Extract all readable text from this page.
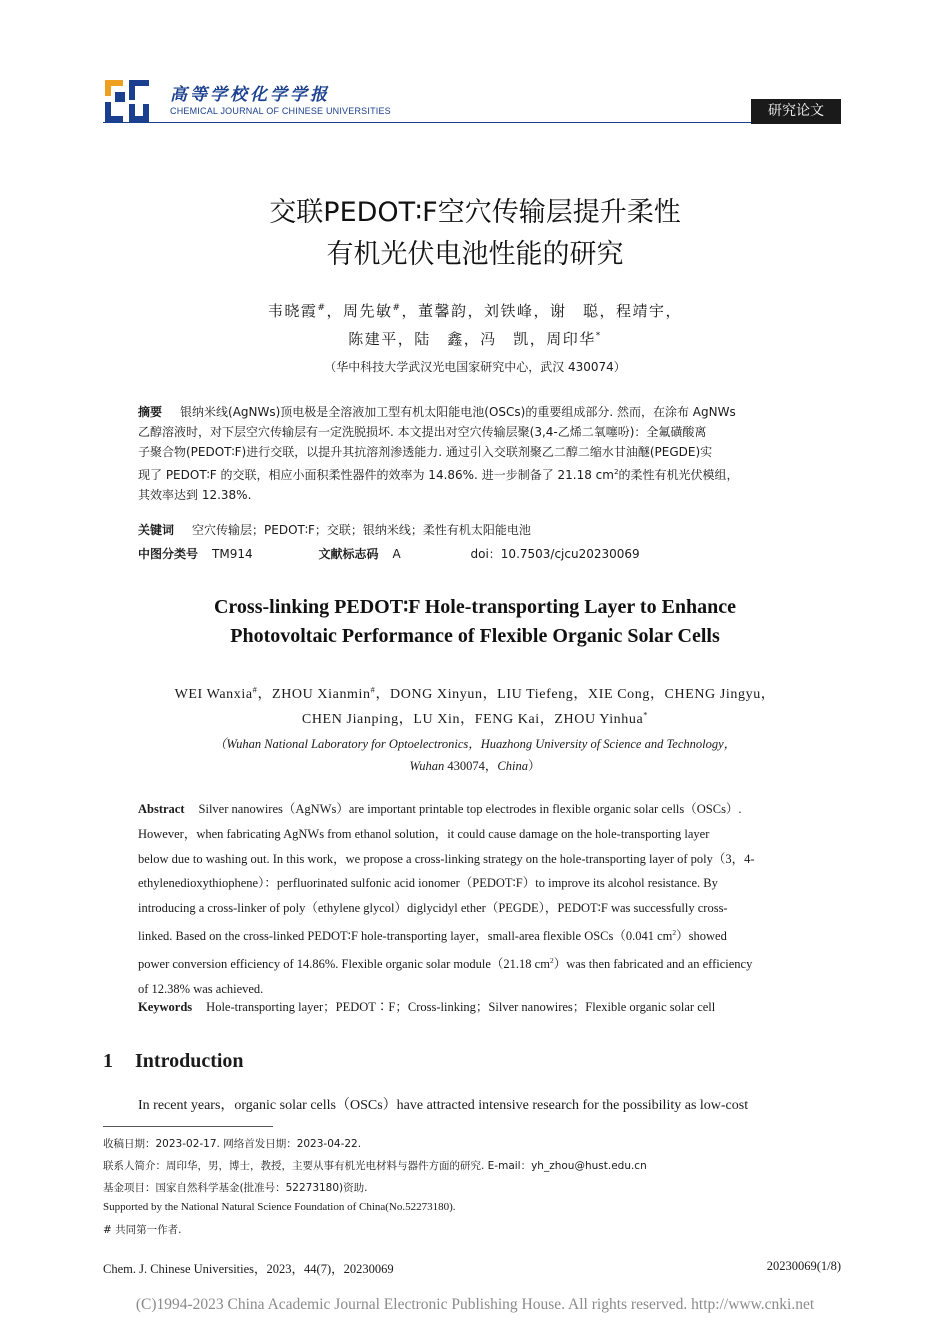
高等学校化学学报
CHEMICAL JOURNAL OF CHINESE UNIVERSITIES	研究论文
交联PEDOT∶F空穴传输层提升柔性
有机光伏电池性能的研究
韦晓霞#，周先敏#，董馨韵，刘铁峰，谢　聪，程靖宇，
陈建平，陆　鑫，冯　凯，周印华*
（华中科技大学武汉光电国家研究中心，武汉 430074）
摘要 银纳米线(AgNWs)顶电极是全溶液加工型有机太阳能电池(OSCs)的重要组成部分. 然而，在涂布 AgNWs
乙醇溶液时，对下层空穴传输层有一定洗脱损坏. 本文提出对空穴传输层聚(3,4-乙烯二氧噻吩)：全氟磺酸离
子聚合物(PEDOT∶F)进行交联，以提升其抗溶剂渗透能力. 通过引入交联剂聚乙二醇二缩水甘油醚(PEGDE)实
现了 PEDOT∶F 的交联，相应小面积柔性器件的效率为 14.86%. 进一步制备了 21.18 $cm^2$的柔性有机光伏模组，
其效率达到 12.38%.
关键词 空穴传输层；PEDOT∶F；交联；银纳米线；柔性有机太阳能电池
中图分类号 TM914	文献标志码 A	doi：10.7503/cjcu20230069
Cross-linking PEDOT∶F Hole-transporting Layer to Enhance
Photovoltaic Performance of Flexible Organic Solar Cells
WEI Wanxia#，ZHOU Xianmin#，DONG Xinyun，LIU Tiefeng，XIE Cong，CHENG Jingyu，
CHEN Jianping，LU Xin，FENG Kai，ZHOU Yinhua*
（Wuhan National Laboratory for Optoelectronics，Huazhong University of Science and Technology，
Wuhan 430074，China）
Abstract Silver nanowires（AgNWs）are important printable top electrodes in flexible organic solar cells（OSCs）.
However，when fabricating AgNWs from ethanol solution，it could cause damage on the hole-transporting layer
below due to washing out. In this work，we propose a cross-linking strategy on the hole-transporting layer of poly（3，4-
ethylenedioxythiophene）：perfluorinated sulfonic acid ionomer（PEDOT∶F）to improve its alcohol resistance. By
introducing a cross-linker of poly（ethylene glycol）diglycidyl ether（PEGDE），PEDOT∶F was successfully cross-
linked. Based on the cross-linked PEDOT∶F hole-transporting layer，small-area flexible OSCs（0.041 $cm^2)showed$
power conversion efficiency of 14.86%. Flexible organic solar module（21.18 $cm^2)was$ then fabricated and an efficiency
of 12.38% was achieved.
Keywords Hole-transporting layer；PEDOT∶F；Cross-linking；Silver nanowires；Flexible organic solar cell
1 Introduction
In recent years，organic solar cells（OSCs）have attracted intensive research for the possibility as low-cost
收稿日期：2023-02-17. 网络首发日期：2023-04-22.
联系人简介：周印华，男，博士，教授，主要从事有机光电材料与器件方面的研究. E-mail：yh_zhou@hust.edu.cn
基金项目：国家自然科学基金(批准号：52273180)资助.
Supported by the National Natural Science Foundation of China(No.52273180).
# 共同第一作者.
Chem. J. Chinese Universities，2023，44(7)，20230069	20230069(1/8)
(C)1994-2023 China Academic Journal Electronic Publishing House. All rights reserved. http://www.cnki.net
